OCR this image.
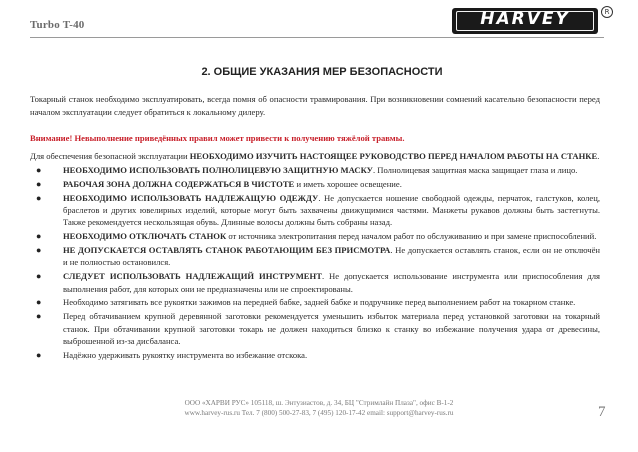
Turbo T-40	HARVEY	R
2. ОБЩИЕ УКАЗАНИЯ МЕР БЕЗОПАСНОСТИ

Токарный станок необходимо эксплуатировать, всегда помня об опасности травмирования. При возникновении сомнений касательно безопасности перед началом эксплуатации следует обратиться к локальному дилеру.

Внимание! Невыполнение приведённых правил может привести к получению тяжёлой травмы.

Для обеспечения безопасной эксплуатации НЕОБХОДИМО ИЗУЧИТЬ НАСТОЯЩЕЕ РУКОВОДСТВО ПЕРЕД НАЧАЛОМ РАБОТЫ НА СТАНКЕ.

●	НЕОБХОДИМО ИСПОЛЬЗОВАТЬ ПОЛНОЛИЦЕВУЮ ЗАЩИТНУЮ МАСКУ. Полнолицевая защитная маска защищает глаза и лицо.
●	РАБОЧАЯ ЗОНА ДОЛЖНА СОДЕРЖАТЬСЯ В ЧИСТОТЕ и иметь хорошее освещение.
●	НЕОБХОДИМО ИСПОЛЬЗОВАТЬ НАДЛЕЖАЩУЮ ОДЕЖДУ. Не допускается ношение свободной одежды, перчаток, галстуков, колец, браслетов и других ювелирных изделий, которые могут быть захвачены движущимися частями. Манжеты рукавов должны быть застегнуты. Также рекомендуется нескользящая обувь. Длинные волосы должны быть собраны назад.
●	НЕОБХОДИМО ОТКЛЮЧАТЬ СТАНОК от источника электропитания перед началом работ по обслуживанию и при замене приспособлений.
●	НЕ ДОПУСКАЕТСЯ ОСТАВЛЯТЬ СТАНОК РАБОТАЮЩИМ БЕЗ ПРИСМОТРА. Не допускается оставлять станок, если он не отключён и не полностью остановился.
●	СЛЕДУЕТ ИСПОЛЬЗОВАТЬ НАДЛЕЖАЩИЙ ИНСТРУМЕНТ. Не допускается использование инструмента или приспособления для выполнения работ, для которых они не предназначены или не спроектированы.
●	Необходимо затягивать все рукоятки зажимов на передней бабке, задней бабке и подручнике перед выполнением работ на токарном станке.
●	Перед обтачиванием крупной деревянной заготовки рекомендуется уменьшить избыток материала перед установкой заготовки на токарный станок. При обтачивании крупной заготовки токарь не должен находиться близко к станку во избежание получения удара от древесины, выброшенной из-за дисбаланса.
●	Надёжно удерживать рукоятку инструмента во избежание отскока.
ООО «ХАРВИ РУС» 105118, ш. Энтузиастов, д. 34, БЦ "Стримлайн Плаза", офис В-1-2
www.harvey-rus.ru Тел. 7 (800) 500-27-83, 7 (495) 120-17-42 email: support@harvey-rus.ru	7
